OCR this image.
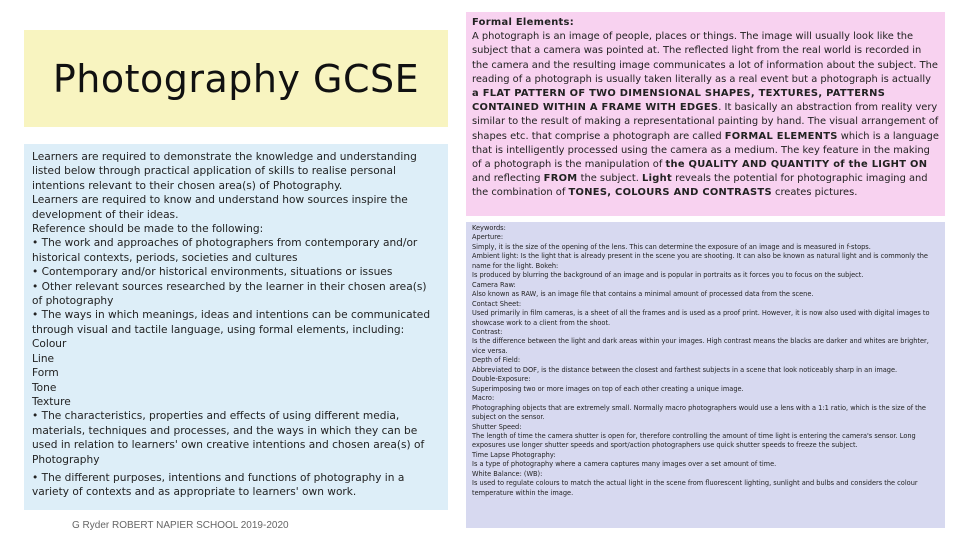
Photography GCSE

Learners are required to demonstrate the knowledge and understanding listed below through practical application of skills to realise personal intentions relevant to their chosen area(s) of Photography.

Learners are required to know and understand how sources inspire the development of their ideas.

Reference should be made to the following:

• The work and approaches of photographers from contemporary and/or historical contexts, periods, societies and cultures

• Contemporary and/or historical environments, situations or issues

• Other relevant sources researched by the learner in their chosen area(s) of photography

• The ways in which meanings, ideas and intentions can be communicated through visual and tactile language, using formal elements, including:

Colour

Line

Form

Tone

Texture

• The characteristics, properties and effects of using different media, materials, techniques and processes, and the ways in which they can be used in relation to learners' own creative intentions and chosen area(s) of Photography

• The different purposes, intentions and functions of photography in a variety of contexts and as appropriate to learners' own work.

G Ryder ROBERT NAPIER SCHOOL 2019-2020

Formal Elements:

A photograph is an image of people, places or things. The image will usually look like the subject that a camera was pointed at. The reflected light from the real world is recorded in the camera and the resulting image communicates a lot of information about the subject. The reading of a photograph is usually taken literally as a real event but a photograph is actually a FLAT PATTERN OF TWO DIMENSIONAL SHAPES, TEXTURES, PATTERNS CONTAINED WITHIN A FRAME WITH EDGES. It basically an abstraction from reality very similar to the result of making a representational painting by hand. The visual arrangement of shapes etc. that comprise a photograph are called FORMAL ELEMENTS which is a language that is intelligently processed using the camera as a medium. The key feature in the making of a photograph is the manipulation of the QUALITY AND QUANTITY of the LIGHT ON and reflecting FROM the subject. Light reveals the potential for photographic imaging and the combination of TONES, COLOURS AND CONTRASTS creates pictures.

Keywords:

Aperture:

Simply, it is the size of the opening of the lens. This can determine the exposure of an image and is measured in f-stops.

Ambient light: Is the light that is already present in the scene you are shooting. It can also be known as natural light and is commonly the name for the light. Bokeh:

Is produced by blurring the background of an image and is popular in portraits as it forces you to focus on the subject.

Camera Raw:

Also known as RAW, is an image file that contains a minimal amount of processed data from the scene.

Contact Sheet:

Used primarily in film cameras, is a sheet of all the frames and is used as a proof print. However, it is now also used with digital images to showcase work to a client from the shoot.

Contrast:

Is the difference between the light and dark areas within your images. High contrast means the blacks are darker and whites are brighter, vice versa.

Depth of Field:

Abbreviated to DOF, is the distance between the closest and farthest subjects in a scene that look noticeably sharp in an image.

Double-Exposure:

Superimposing two or more images on top of each other creating a unique image.

Macro:

Photographing objects that are extremely small. Normally macro photographers would use a lens with a 1:1 ratio, which is the size of the subject on the sensor.

Shutter Speed:

The length of time the camera shutter is open for, therefore controlling the amount of time light is entering the camera's sensor. Long exposures use longer shutter speeds and sport/action photographers use quick shutter speeds to freeze the subject.

Time Lapse Photography:

Is a type of photography where a camera captures many images over a set amount of time.

White Balance: (WB):

Is used to regulate colours to match the actual light in the scene from fluorescent lighting, sunlight and bulbs and considers the colour temperature within the image.
